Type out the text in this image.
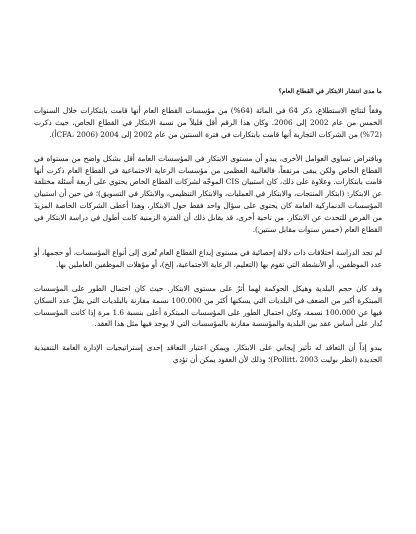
ما مدى انتشار الابتكار في القطاع العام؟

وفقاً لنتائج الاستطلاع، ذكر 64 في المائة (64%) من مؤسسات القطاع العام أنها قامت بابتكارات خلال السنوات الخمس من عام 2002 إلى 2006. وكان هذا الرقم أقل قليلاً من نسبة الابتكار في القطاع الخاص، حيث ذكرت (72%) من الشركات التجارية أنها قامت بابتكارات في فترة السنتين من عام 2002 إلى 2004 (CFA، 2006أ).

وبافتراض تساوي العوامل الأخرى، يبدو أن مستوى الابتكار في المؤسسات العامة أقل بشكل واضح من مستواه في القطاع الخاص ولكن يبقى مرتفعاً، فالغالبية العظمى من مؤسسات الرعاية الاجتماعية في القطاع العام ذكرت أنها قامت بابتكارات. وعلاوة على ذلك، كان استبيان CIS الموجّه لشركات القطاع الخاص يحتوي على أربعة أسئلة مختلفة عن الابتكار: (ابتكار المنتجات، والابتكار في العمليات، والابتكار التنظيمي، والابتكار في التسويق)؛ في حين أن استبيان المؤسسات الدنماركية العامة كان يحتوي على سؤال واحد فقط حول الابتكار، وهذا أعطى الشركات الخاصة المزيدَ من الفرص للتحدث عن الابتكار. من ناحية أخرى، قد يقابل ذلك أن الفترة الزمنية كانت أطول في دراسة الابتكار في القطاع العام (خمس سنوات مقابل سنتين).

لم تجد الدراسة اختلافات ذات دلالة إحصائية في مستوى إبداع القطاع العام تُعزى إلى أنواع المؤسسات، أو حجمها، أو عدد الموظفين، أو الأنشطة التي تقوم بها (التعليم، الرعاية الاجتماعية، إلخ)، أو مؤهلات الموظفين العاملين بها.

وقد كان حجم البلدية وهيكل الحوكمة لهما أثرٌ على مستوى الابتكار. حيث كان احتمال الطور على المؤسسات المبتكرة أكبر من الضعف في البلديات التي يسكنها أكثر من 100.000 نسمة مقارنة بالبلديات التي يقلّ عدد السكان فيها عن 100،000 نسمة، وكان احتمال الطور على المؤسسات المبتكرة أعلى بنسبة 1.6 مرة إذا كانت المؤسسات تُدار على أساس عقد بين البلدية والمؤسسة مقارنة بالمؤسسات التي لا يوجد فيها مثل هذا العقد.

يبدو إذاً أن التعاقد له تأثير إيجابي على الابتكار. ويمكن اعتبار التعاقد إحدى إستراتيجيات الإدارة العامة التنفيذية الجديدة (انظر بوليت Pollitt، 2003)؛ وذلك لأن العقود يمكن أن تؤدي
